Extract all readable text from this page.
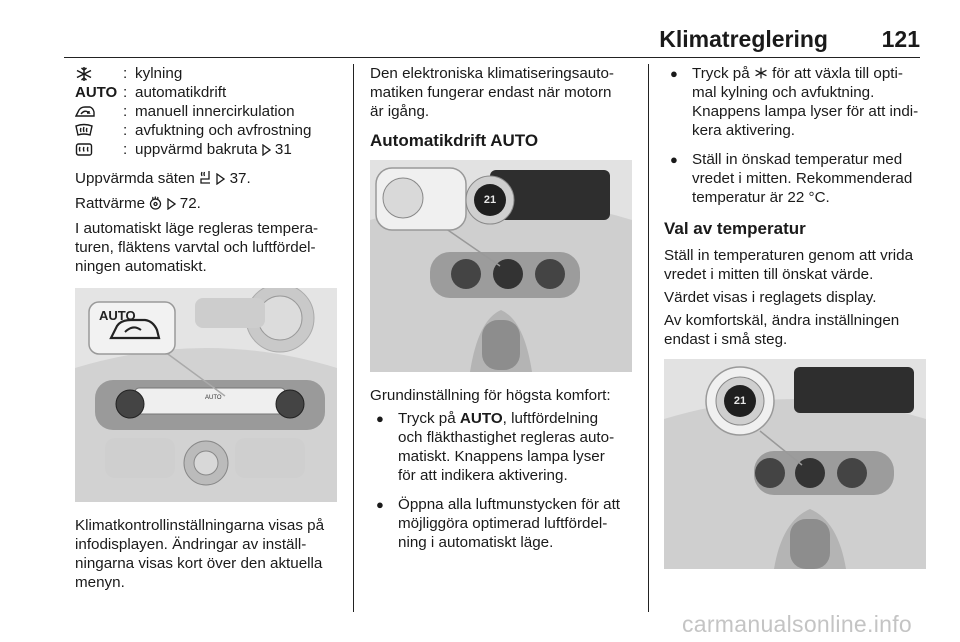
Klimatreglering 121
: kylning
AUTO : automatikdrift
: manuell innercirkulation
: avfuktning och avfrostning
: uppvärmd bakruta 31

Uppvärmda säten 37.

Rattvärme 72.

I automatiskt läge regleras tempera-
turen, fläktens varvtal och luftfördel-
ningen automatiskt.
AUTO
AUTO
Klimatkontrollinställningarna visas på
infodisplayen. Ändringar av inställ-
ningarna visas kort över den aktuella
menyn.
Den elektroniska klimatiseringsauto-
matiken fungerar endast när motorn
är igång.
Automatikdrift AUTO
21

Grundinställning för högsta komfort:

● Tryck på AUTO, luftfördelning
och fläkthastighet regleras auto-
matiskt. Knappens lampa lyser
för att indikera aktivering.
● Öppna alla luftmunstycken för att
möjliggöra optimerad luftfördel-
ning i automatiskt läge.
● Tryck på  för att växla till opti-
mal kylning och avfuktning.
Knappens lampa lyser för att indi-
kera aktivering.
● Ställ in önskad temperatur med
vredet i mitten. Rekommenderad
temperatur är 22 °C.
Val av temperatur
Ställ in temperaturen genom att vrida
vredet i mitten till önskat värde.

Värdet visas i reglagets display.

Av komfortskäl, ändra inställningen
endast i små steg.
21
carmanualsonline.info
